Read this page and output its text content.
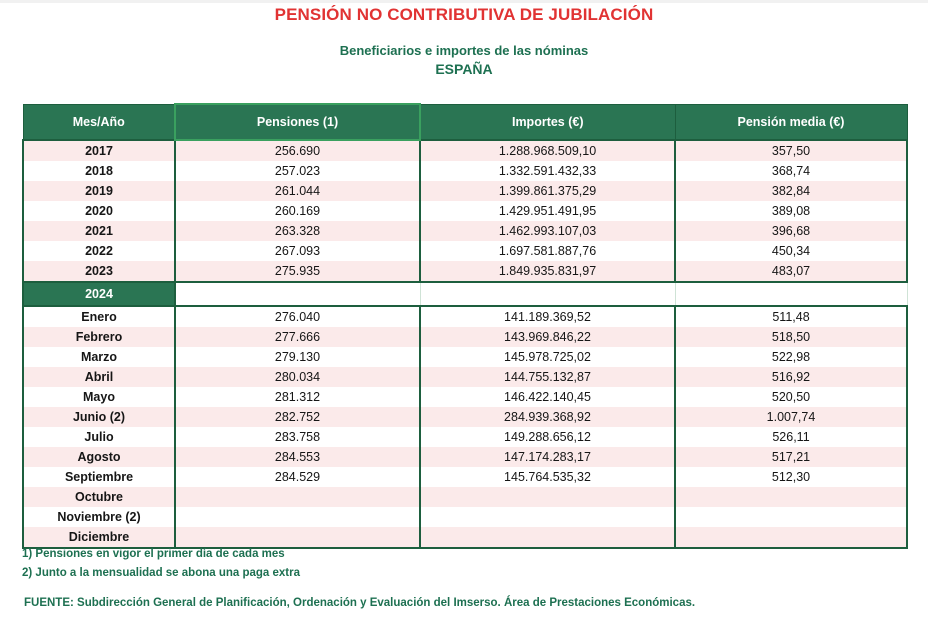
PENSIÓN NO CONTRIBUTIVA DE JUBILACIÓN
Beneficiarios e importes de las nóminas
ESPAÑA
Mes/Año	Pensiones (1)	Importes (€)	Pensión media (€)
2017	256.690	1.288.968.509,10	357,50
2018	257.023	1.332.591.432,33	368,74
2019	261.044	1.399.861.375,29	382,84
2020	260.169	1.429.951.491,95	389,08
2021	263.328	1.462.993.107,03	396,68
2022	267.093	1.697.581.887,76	450,34
2023	275.935	1.849.935.831,97	483,07
2024			
Enero	276.040	141.189.369,52	511,48
Febrero	277.666	143.969.846,22	518,50
Marzo	279.130	145.978.725,02	522,98
Abril	280.034	144.755.132,87	516,92
Mayo	281.312	146.422.140,45	520,50
Junio (2)	282.752	284.939.368,92	1.007,74
Julio	283.758	149.288.656,12	526,11
Agosto	284.553	147.174.283,17	517,21
Septiembre	284.529	145.764.535,32	512,30
Octubre			
Noviembre (2)			
Diciembre			
1) Pensiones en vigor el primer día de cada mes
2) Junto a la mensualidad se abona una paga extra
FUENTE: Subdirección General de Planificación, Ordenación y Evaluación del Imserso. Área de Prestaciones Económicas.
